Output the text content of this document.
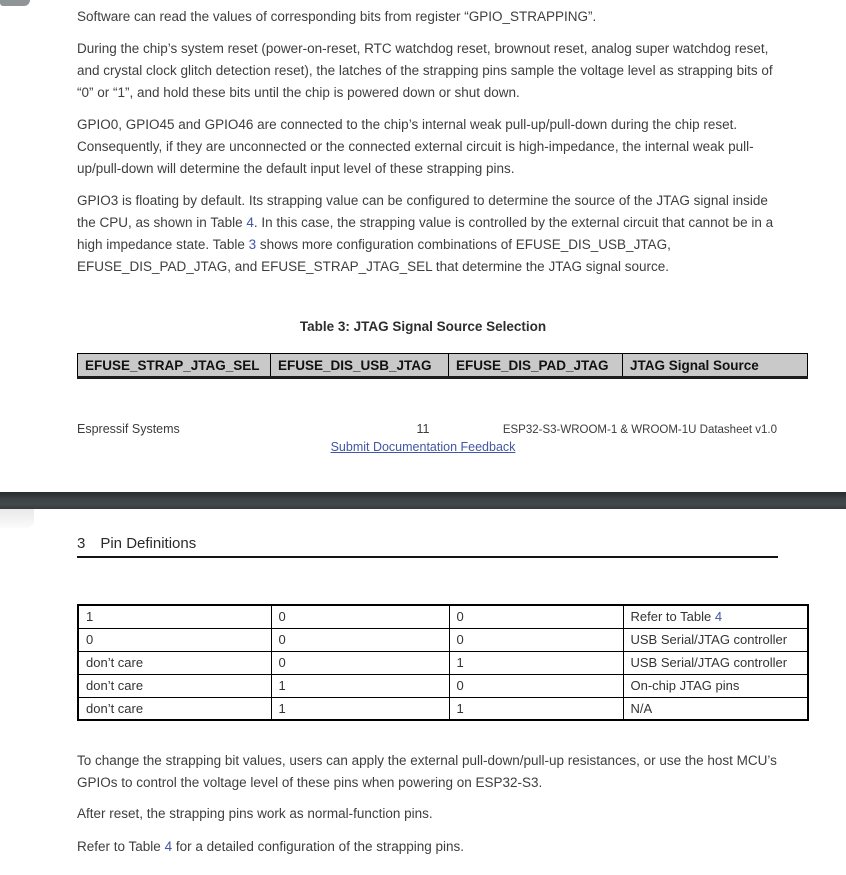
Software can read the values of corresponding bits from register “GPIO_STRAPPING”.

During the chip’s system reset (power-on-reset, RTC watchdog reset, brownout reset, analog super watchdog reset, and crystal clock glitch detection reset), the latches of the strapping pins sample the voltage level as strapping bits of “0” or “1”, and hold these bits until the chip is powered down or shut down.

GPIO0, GPIO45 and GPIO46 are connected to the chip’s internal weak pull-up/pull-down during the chip reset. Consequently, if they are unconnected or the connected external circuit is high-impedance, the internal weak pull-up/pull-down will determine the default input level of these strapping pins.

GPIO3 is floating by default. Its strapping value can be configured to determine the source of the JTAG signal inside the CPU, as shown in Table 4. In this case, the strapping value is controlled by the external circuit that cannot be in a high impedance state. Table 3 shows more configuration combinations of EFUSE_DIS_USB_JTAG, EFUSE_DIS_PAD_JTAG, and EFUSE_STRAP_JTAG_SEL that determine the JTAG signal source.

Table 3: JTAG Signal Source Selection
EFUSE_STRAP_JTAG_SEL	EFUSE_DIS_USB_JTAG	EFUSE_DIS_PAD_JTAG	JTAG Signal Source
Espressif Systems	11	ESP32-S3-WROOM-1 & WROOM-1U Datasheet v1.0
Submit Documentation Feedback
3 Pin Definitions
1	0	0	Refer to Table 4
0	0	0	USB Serial/JTAG controller
don’t care	0	1	USB Serial/JTAG controller
don’t care	1	0	On-chip JTAG pins
don’t care	1	1	N/A

To change the strapping bit values, users can apply the external pull-down/pull-up resistances, or use the host MCU’s GPIOs to control the voltage level of these pins when powering on ESP32-S3.

After reset, the strapping pins work as normal-function pins.

Refer to Table 4 for a detailed configuration of the strapping pins.
